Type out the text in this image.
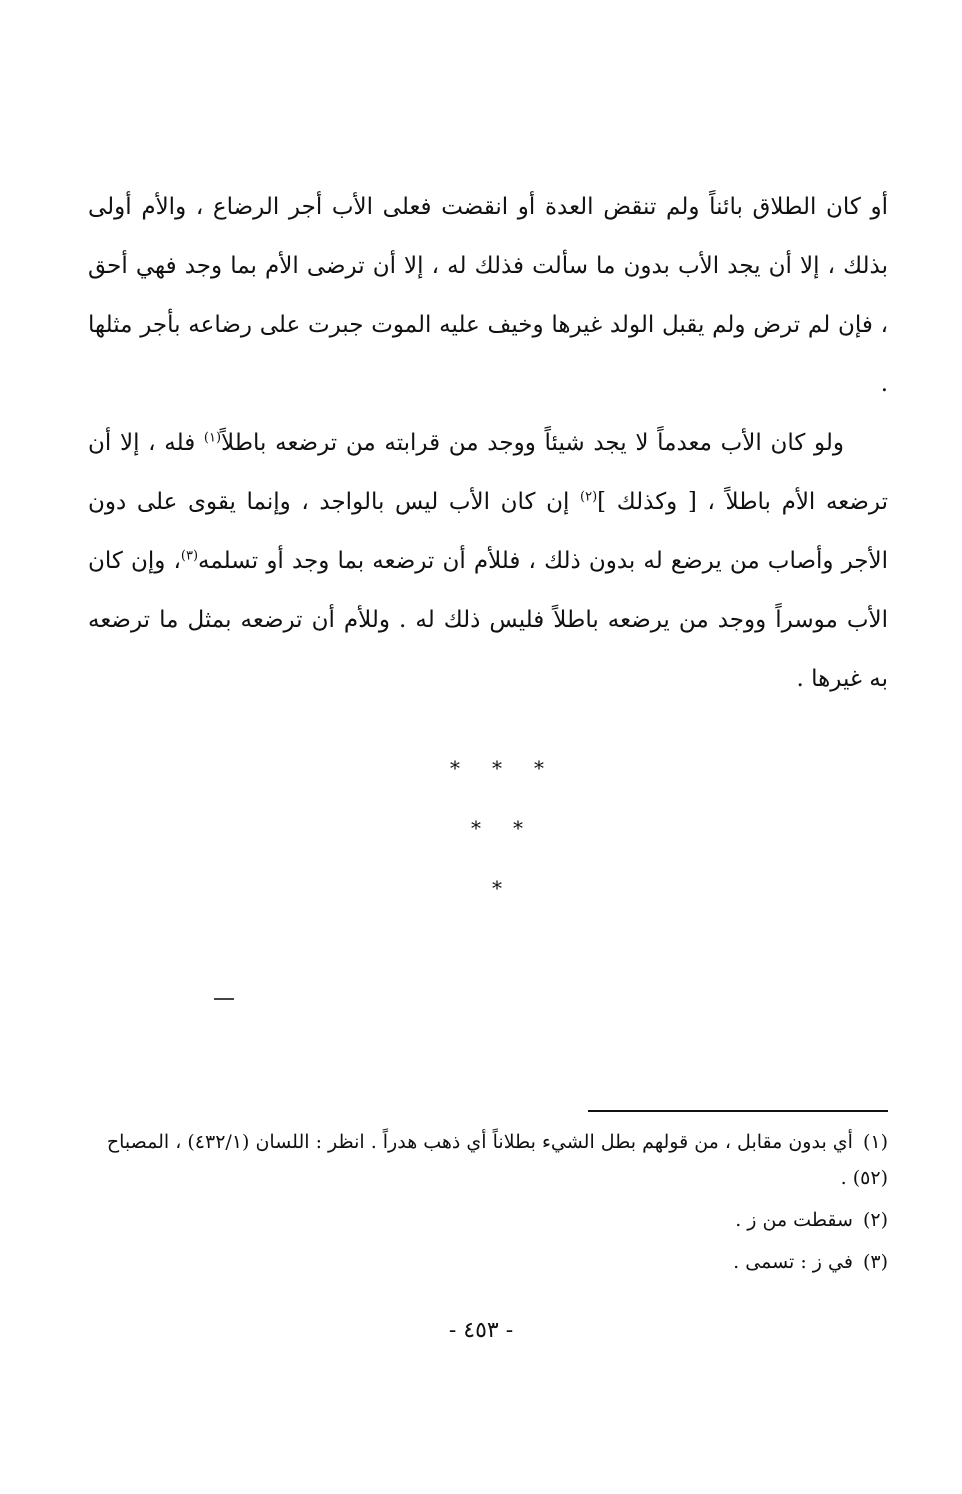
أو كان الطلاق بائناً ولم تنقض العدة أو انقضت فعلى الأب أجر الرضاع ، والأم أولى بذلك ، إلا أن يجد الأب بدون ما سألت فذلك له ، إلا أن ترضى الأم بما وجد فهي أحق ، فإن لم ترض ولم يقبل الولد غيرها وخيف عليه الموت جبرت على رضاعه بأجر مثلها .

ولو كان الأب معدماً لا يجد شيئاً ووجد من قرابته من ترضعه باطلاً$^{(١)}$ فله ، إلا أن ترضعه الأم باطلاً ، [ وكذلك ]$^{(٢)}$ إن كان الأب ليس بالواجد ، وإنما يقوى على دون الأجر وأصاب من يرضع له بدون ذلك ، فللأم أن ترضعه بما وجد أو تسلمه$^{(٣)}$، وإن كان الأب موسراً ووجد من يرضعه باطلاً فليس ذلك له . وللأم أن ترضعه بمثل ما ترضعه به غيرها .

* * *
* *
*
(١)أي بدون مقابل ، من قولهم بطل الشيء بطلاناً أي ذهب هدراً . انظر : اللسان (٤٣٢/١) ، المصباح (٥٢) .
(٢)سقطت من ز .
(٣)في ز : تسمى .
- ٤٥٣ -
